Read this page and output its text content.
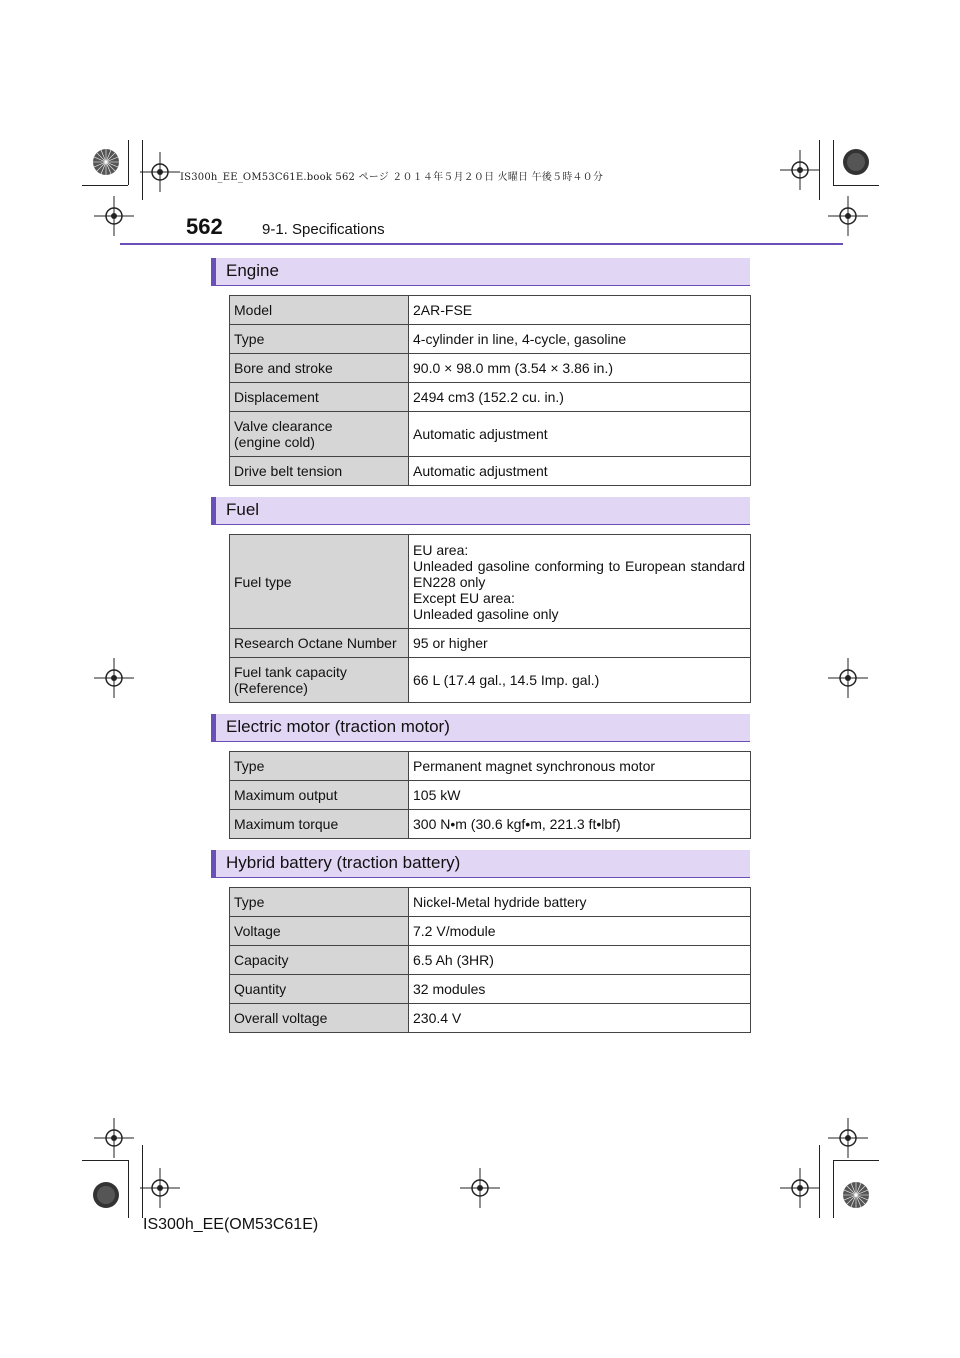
IS300h_EE_OM53C61E.book 562 ページ ２０１４年５月２０日 火曜日 午後５時４０分
562	9-1. Specifications
Engine
Model	2AR-FSE
Type	4-cylinder in line, 4-cycle, gasoline
Bore and stroke	90.0 × 98.0 mm (3.54 × 3.86 in.)
Displacement	2494 cm3 (152.2 cu. in.)
Valve clearance
(engine cold)	Automatic adjustment
Drive belt tension	Automatic adjustment
Fuel
Fuel type	EU area:
Unleaded gasoline conforming to European standard EN228 only
Except EU area:
Unleaded gasoline only
Research Octane Number	95 or higher
Fuel tank capacity
(Reference)	66 L (17.4 gal., 14.5 Imp. gal.)
Electric motor (traction motor)
Type	Permanent magnet synchronous motor
Maximum output	105 kW
Maximum torque	300 N•m (30.6 kgf•m, 221.3 ft•lbf)
Hybrid battery (traction battery)
Type	Nickel-Metal hydride battery
Voltage	7.2 V/module
Capacity	6.5 Ah (3HR)
Quantity	32 modules
Overall voltage	230.4 V
IS300h_EE(OM53C61E)
